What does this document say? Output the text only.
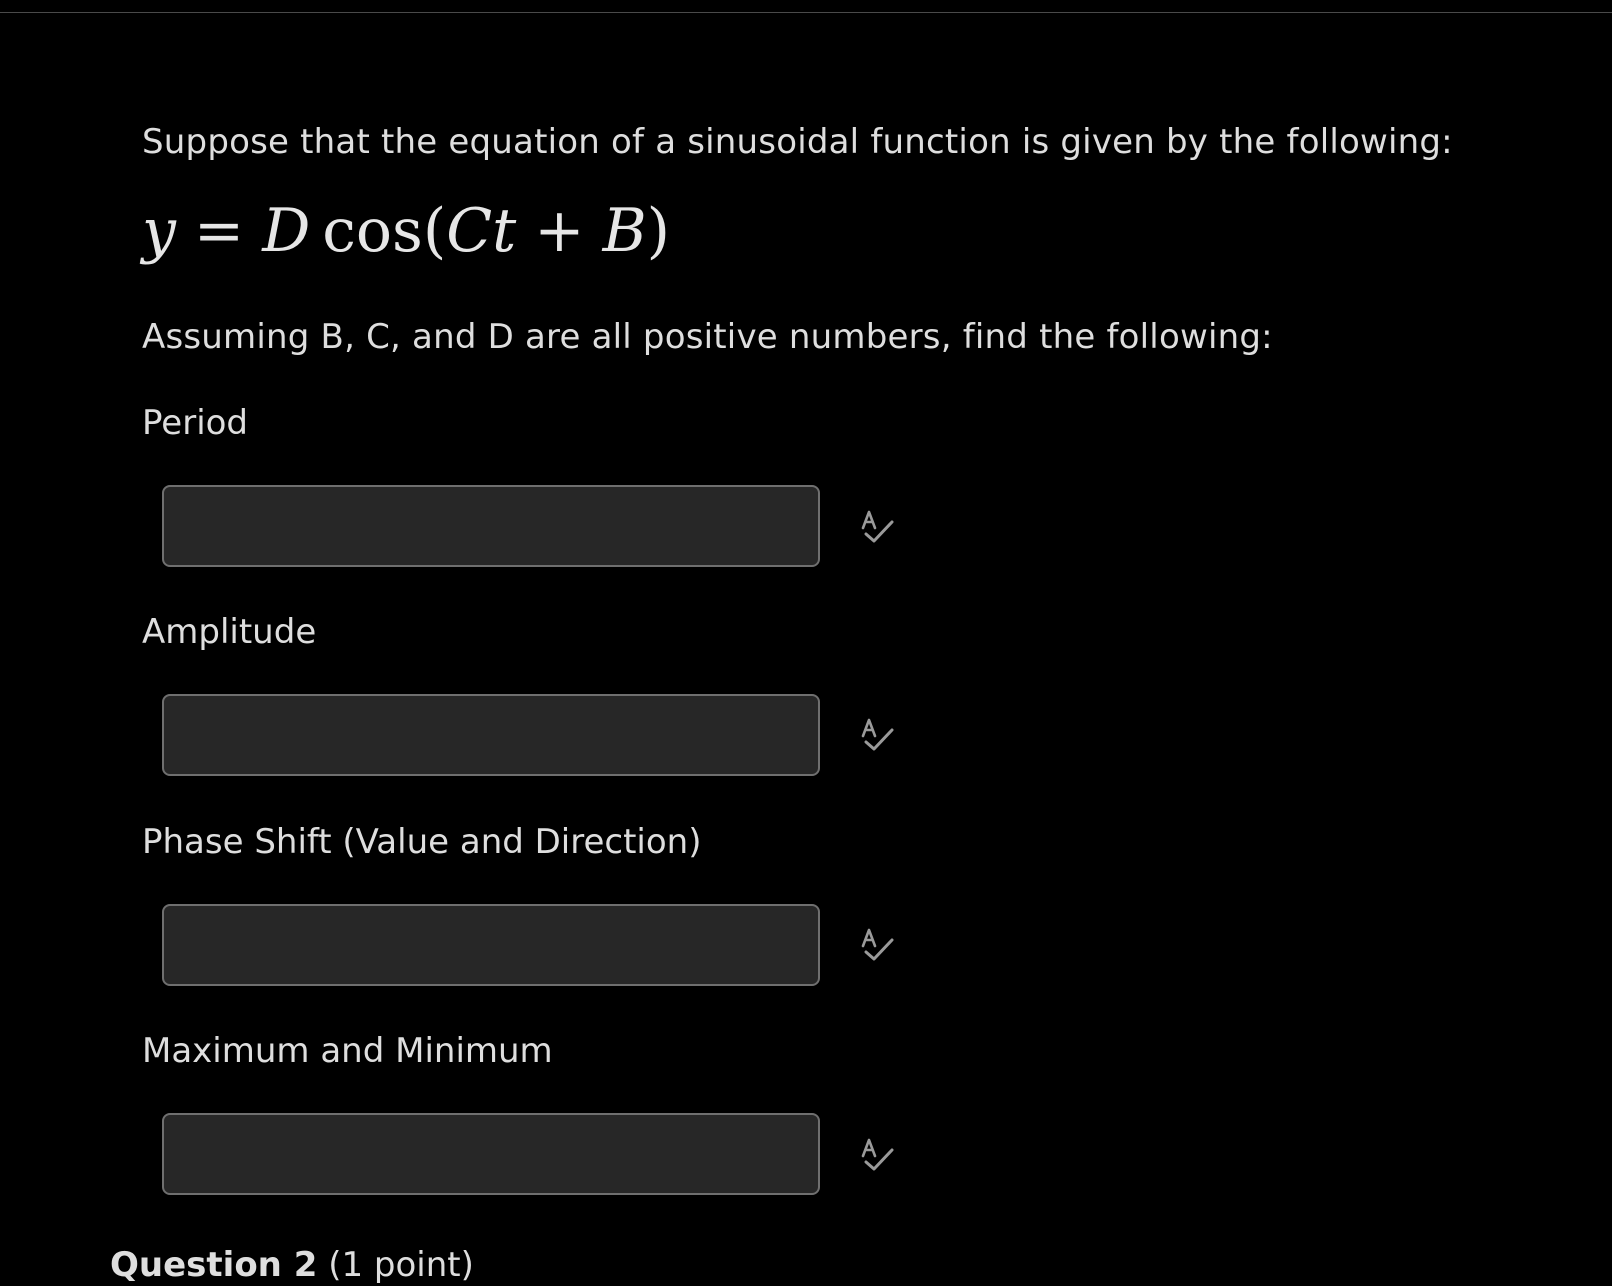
Suppose that the equation of a sinusoidal function is given by the following:
y = D cos(Ct + B)
Assuming B, C, and D are all positive numbers, find the following:
Period
Amplitude
Phase Shift (Value and Direction)
Maximum and Minimum
Question 2 (1 point)
